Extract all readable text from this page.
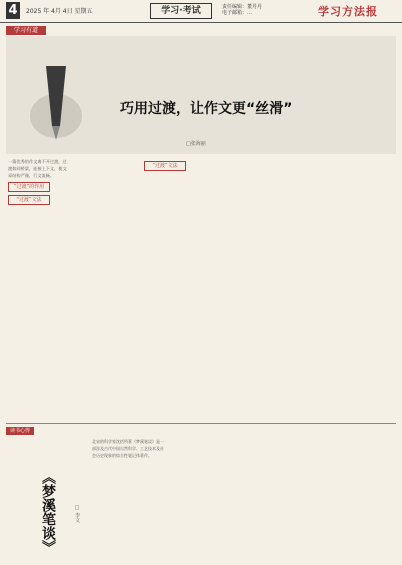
4	2025 年 4月 4日 星期五	学习·考试	责任编辑：董丹丹
电子邮箱：…	学习方法报
学习有道
巧用过渡，让作文更“丝滑”
□张海丽
一篇优秀的作文离不开过渡，过渡如同桥梁，连接上下文，使文章结构严谨，行文流畅。
“过渡”的作用
“过渡”文法
“过渡”文法
读书心得
《梦溪笔谈》	□ 李文
北宋的科学家沈括所著《梦溪笔谈》是一部涉及古代中国自然科学、工艺技术及社会历史现象的综合性笔记体著作。
